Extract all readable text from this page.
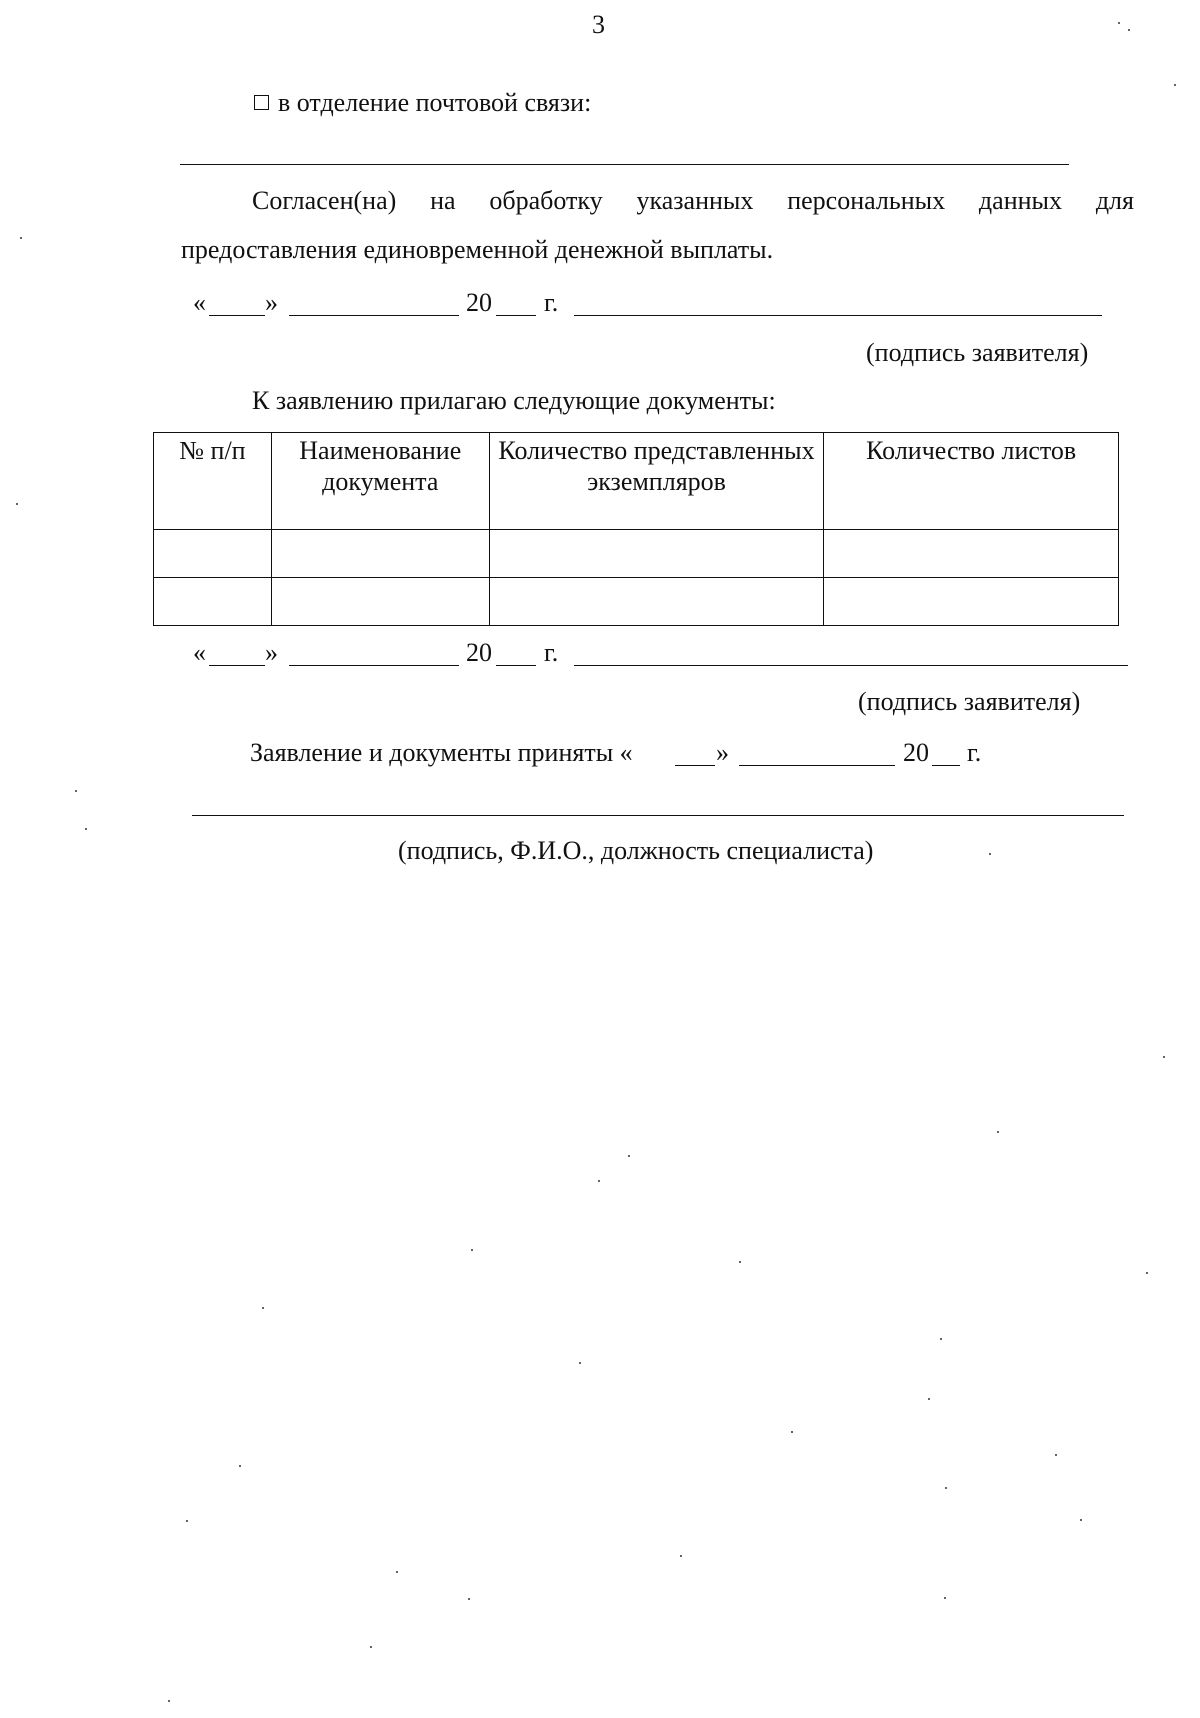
3
в отделение почтовой связи:
Согласен(на) на обработку указанных персональных данных для
предоставления единовременной денежной выплаты.
« »	20 г.
(подпись заявителя)
К заявлению прилагаю следующие документы:
№ п/п	Наименование документа	Количество представленных экземпляров	Количество листов

« »	20 г.
(подпись заявителя)
Заявление и документы приняты «	»	20 г.
(подпись, Ф.И.О., должность специалиста)
